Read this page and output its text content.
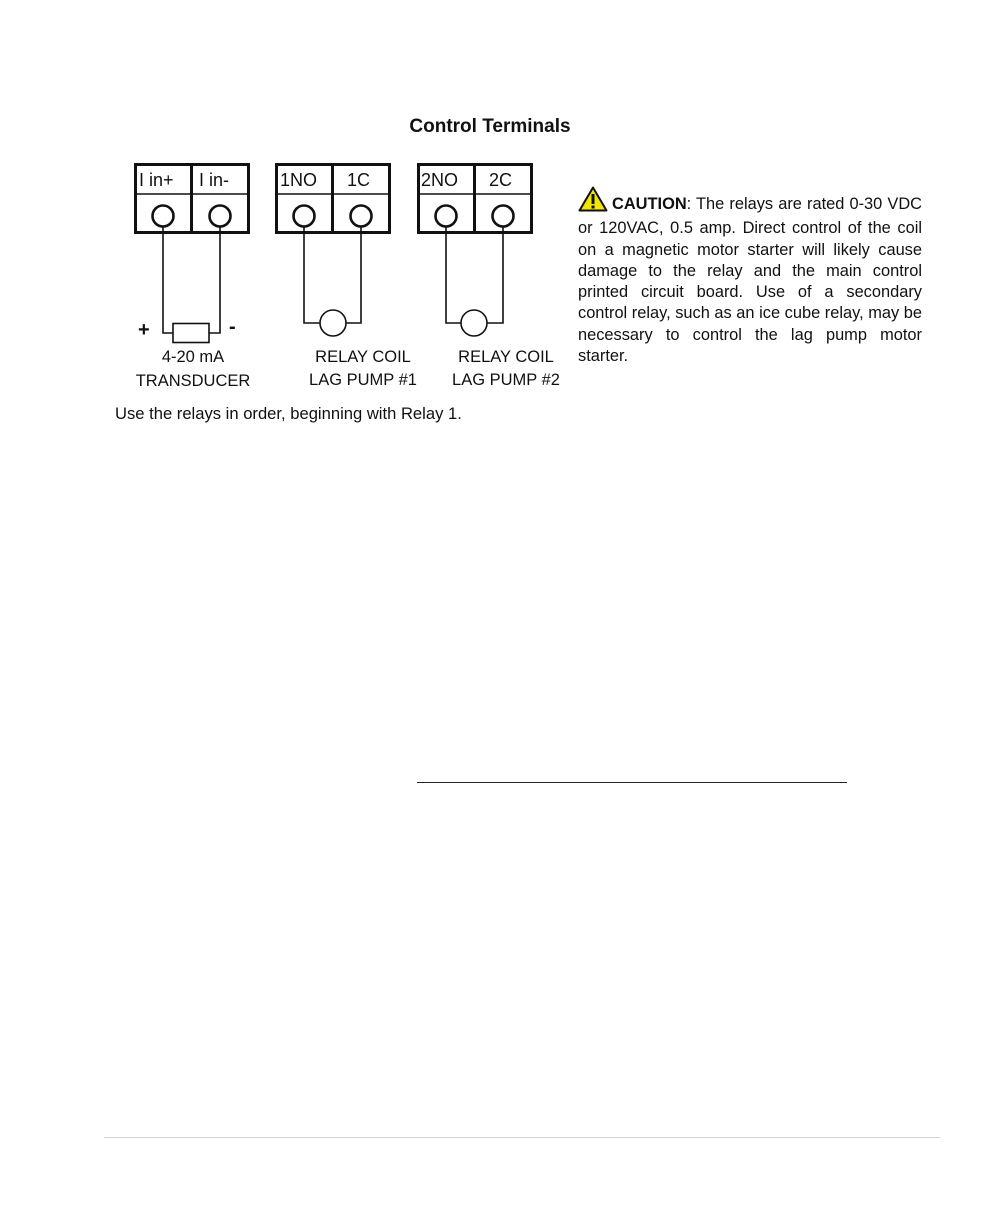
Control Terminals
I in+ I in-	1NO 1C	2NO 2C
+	-
4-20 mA
TRANSDUCER
RELAY COIL
LAG PUMP #1
RELAY COIL
LAG PUMP #2
CAUTION: The relays are rated 0-30 VDC or 120VAC, 0.5 amp. Direct control of the coil on a magnetic motor starter will likely cause damage to the relay and the main control printed circuit board. Use of a secondary control relay, such as an ice cube relay, may be necessary to control the lag pump motor starter.
Use the relays in order, beginning with Relay 1.
